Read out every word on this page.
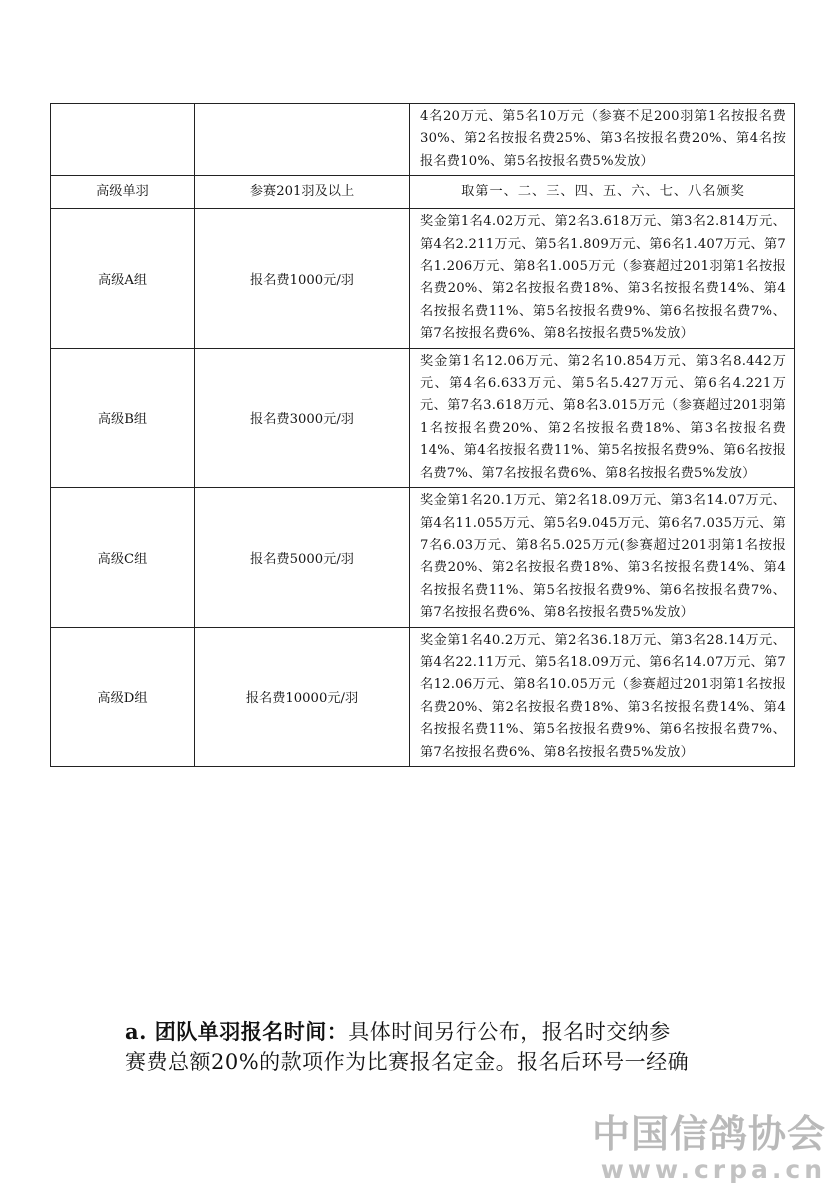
		4名20万元、第5名10万元（参赛不足200羽第1名按报名费30%、第2名按报名费25%、第3名按报名费20%、第4名按报名费10%、第5名按报名费5%发放）
高级单羽	参赛201羽及以上	取第一、二、三、四、五、六、七、八名颁奖
高级A组	报名费1000元/羽	奖金第1名4.02万元、第2名3.618万元、第3名2.814万元、第4名2.211万元、第5名1.809万元、第6名1.407万元、第7名1.206万元、第8名1.005万元（参赛超过201羽第1名按报名费20%、第2名按报名费18%、第3名按报名费14%、第4名按报名费11%、第5名按报名费9%、第6名按报名费7%、第7名按报名费6%、第8名按报名费5%发放）
高级B组	报名费3000元/羽	奖金第1名12.06万元、第2名10.854万元、第3名8.442万元、第4名6.633万元、第5名5.427万元、第6名4.221万元、第7名3.618万元、第8名3.015万元（参赛超过201羽第1名按报名费20%、第2名按报名费18%、第3名按报名费14%、第4名按报名费11%、第5名按报名费9%、第6名按报名费7%、第7名按报名费6%、第8名按报名费5%发放）
高级C组	报名费5000元/羽	奖金第1名20.1万元、第2名18.09万元、第3名14.07万元、第4名11.055万元、第5名9.045万元、第6名7.035万元、第7名6.03万元、第8名5.025万元(参赛超过201羽第1名按报名费20%、第2名按报名费18%、第3名按报名费14%、第4名按报名费11%、第5名按报名费9%、第6名按报名费7%、第7名按报名费6%、第8名按报名费5%发放）
高级D组	报名费10000元/羽	奖金第1名40.2万元、第2名36.18万元、第3名28.14万元、第4名22.11万元、第5名18.09万元、第6名14.07万元、第7名12.06万元、第8名10.05万元（参赛超过201羽第1名按报名费20%、第2名按报名费18%、第3名按报名费14%、第4名按报名费11%、第5名按报名费9%、第6名按报名费7%、第7名按报名费6%、第8名按报名费5%发放）
a. 团队单羽报名时间：具体时间另行公布，报名时交纳参
赛费总额20%的款项作为比赛报名定金。报名后环号一经确
中国信鸽协会
www.crpa.cn
